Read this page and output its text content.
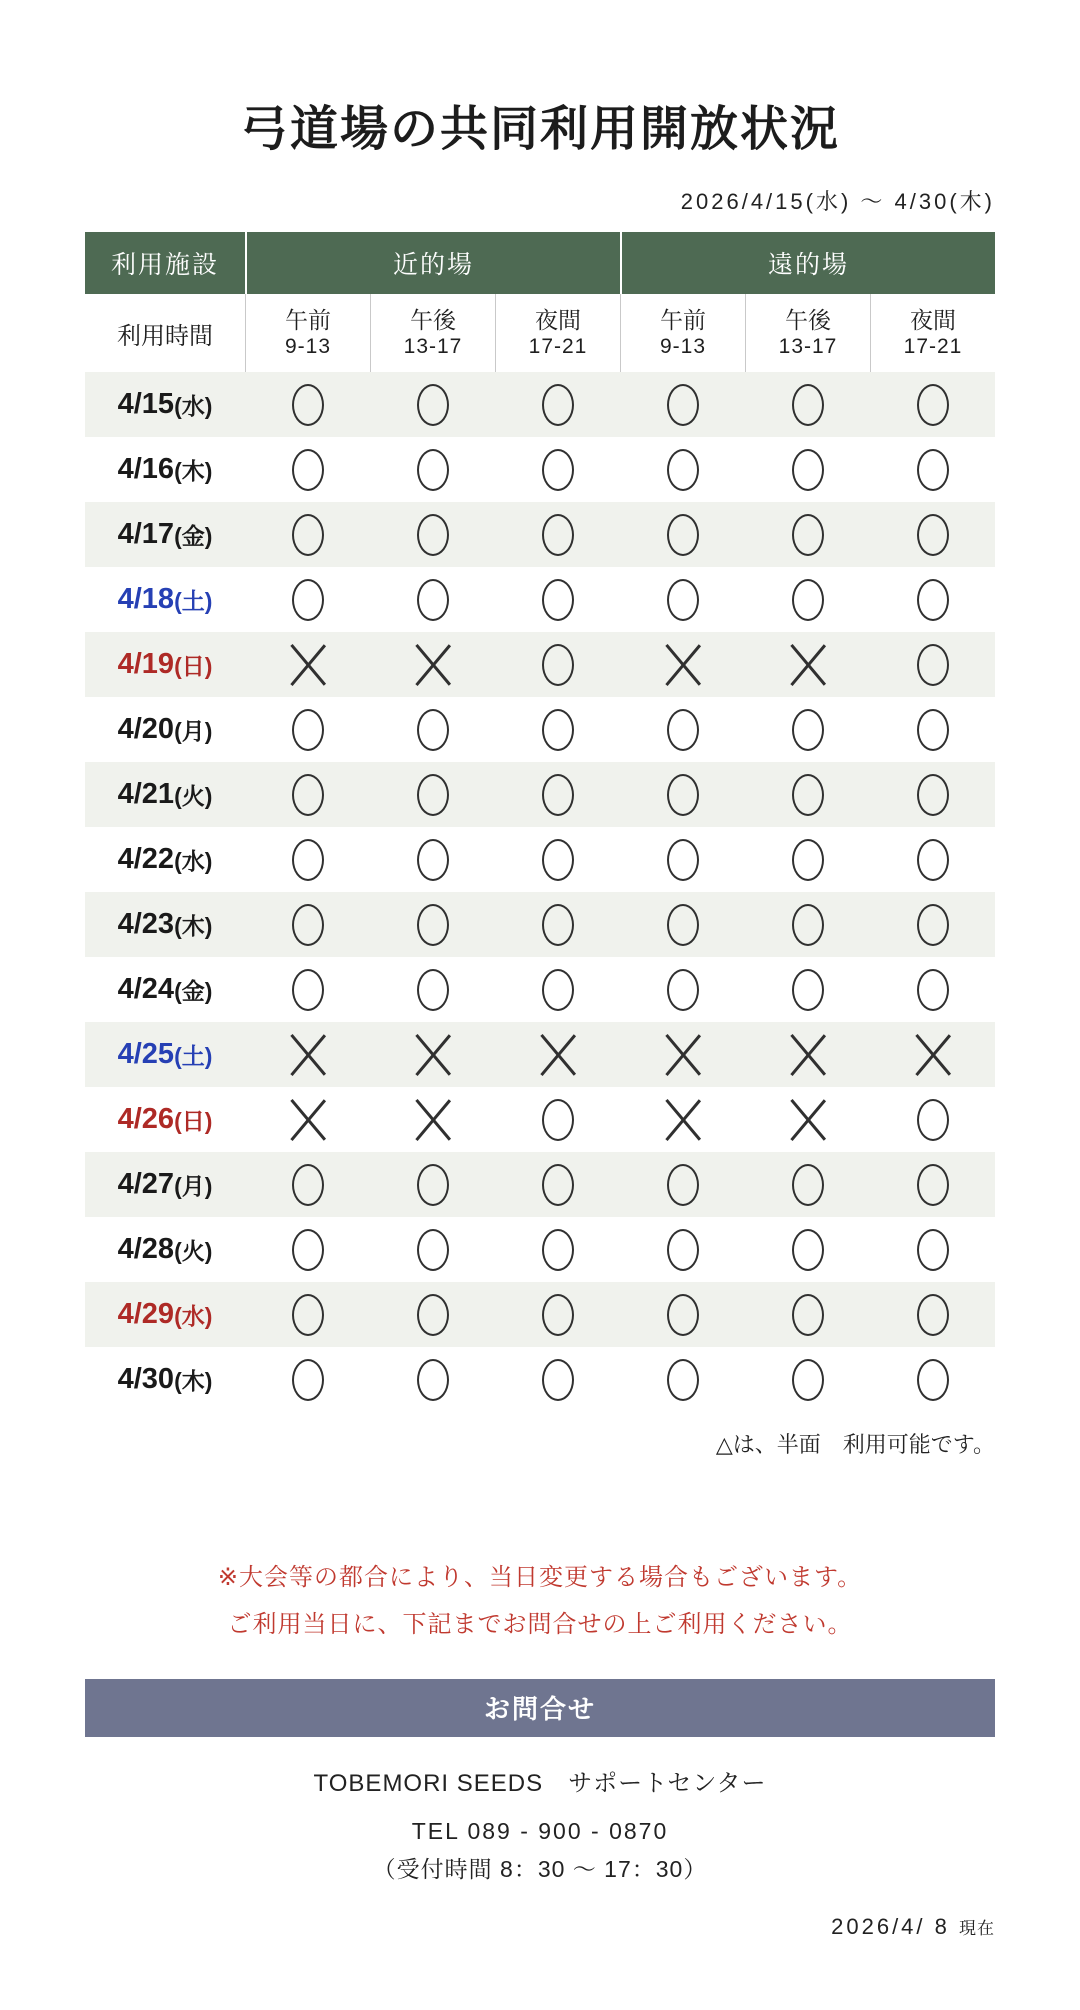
弓道場の共同利用開放状況
2026/4/15(水) ～ 4/30(木)
利用施設	近的場	遠的場
利用時間
午前
9-13
午後
13-17
夜間
17-21
午前
9-13
午後
13-17
夜間
17-21
4/15 (水)
4/16 (木)
4/17 (金)
4/18 (土)
4/19 (日)
4/20 (月)
4/21 (火)
4/22 (水)
4/23 (木)
4/24 (金)
4/25 (土)
4/26 (日)
4/27 (月)
4/28 (火)
4/29 (水)
4/30 (木)
△は、半面　利用可能です。
※大会等の都合により、当日変更する場合もございます。
ご利用当日に、下記までお問合せの上ご利用ください。
お問合せ
TOBEMORI SEEDS　サポートセンター
TEL 089 - 900 - 0870
（受付時間 8：30 ～ 17：30）
2026/4/ 8 現在
